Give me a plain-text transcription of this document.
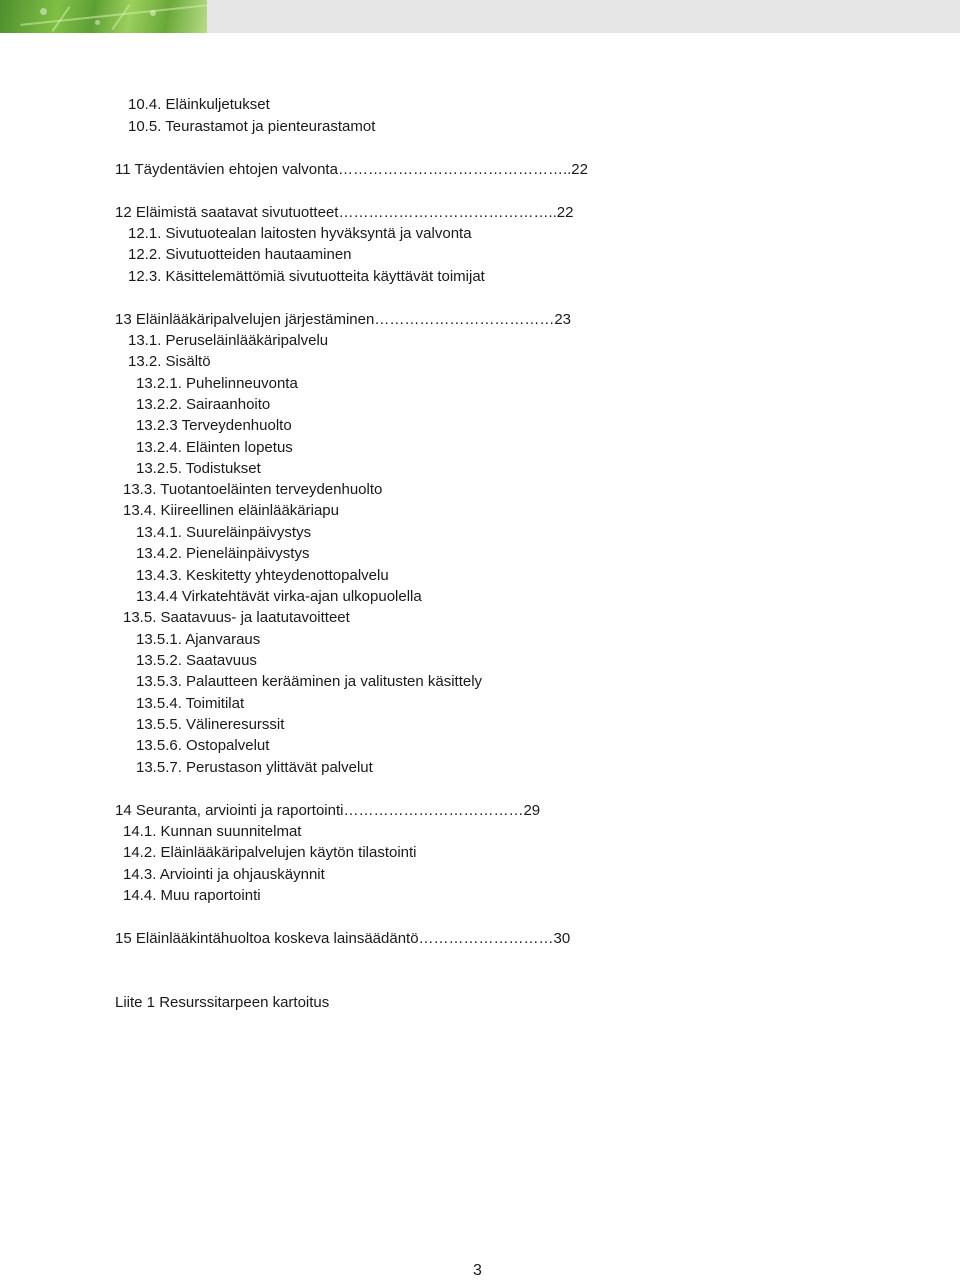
10.4. Eläinkuljetukset
10.5. Teurastamot ja pienteurastamot
11 Täydentävien ehtojen valvonta………………………………………..22
12 Eläimistä saatavat sivutuotteet……………………………………..22
12.1. Sivutuotealan laitosten hyväksyntä ja valvonta
12.2. Sivutuotteiden hautaaminen
12.3. Käsittelemättömiä sivutuotteita käyttävät toimijat
13 Eläinlääkäripalvelujen järjestäminen………………………………23
13.1. Peruseläinlääkäripalvelu
13.2. Sisältö
13.2.1. Puhelinneuvonta
13.2.2. Sairaanhoito
13.2.3 Terveydenhuolto
13.2.4. Eläinten lopetus
13.2.5. Todistukset
13.3. Tuotantoeläinten terveydenhuolto
13.4. Kiireellinen eläinlääkäriapu
13.4.1. Suureläinpäivystys
13.4.2. Pieneläinpäivystys
13.4.3. Keskitetty yhteydenottopalvelu
13.4.4 Virkatehtävät virka-ajan ulkopuolella
13.5. Saatavuus- ja laatutavoitteet
13.5.1. Ajanvaraus
13.5.2. Saatavuus
13.5.3. Palautteen kerääminen ja valitusten käsittely
13.5.4. Toimitilat
13.5.5. Välineresurssit
13.5.6. Ostopalvelut
13.5.7. Perustason ylittävät palvelut
14 Seuranta, arviointi ja raportointi………………………………29
14.1. Kunnan suunnitelmat
14.2. Eläinlääkäripalvelujen käytön tilastointi
14.3. Arviointi ja ohjauskäynnit
14.4. Muu raportointi
15 Eläinlääkintähuoltoa koskeva lainsäädäntö………………………30
Liite 1 Resurssitarpeen kartoitus
3
